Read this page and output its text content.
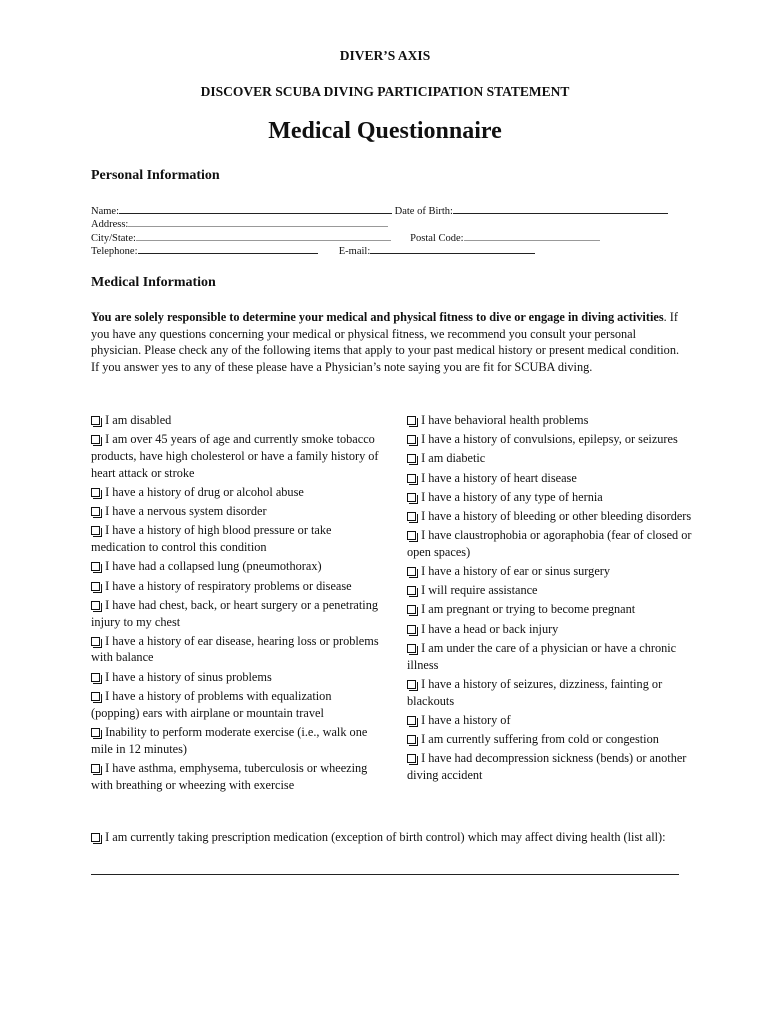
DIVER’S AXIS
DISCOVER SCUBA DIVING PARTICIPATION STATEMENT
Medical Questionnaire
Personal Information
Name:	Date of Birth:
Address:
City/State:	Postal Code:
Telephone:	E-mail:
Medical Information
You are solely responsible to determine your medical and physical fitness to dive or engage in diving activities. If you have any questions concerning your medical or physical fitness, we recommend you consult your personal physician. Please check any of the following items that apply to your past medical history or present medical condition. If you answer yes to any of these please have a Physician’s note saying you are fit for SCUBA diving.
I am disabled
I am over 45 years of age and currently smoke tobacco products, have high cholesterol or have a family history of heart attack or stroke
I have a history of drug or alcohol abuse
I have a nervous system disorder
I have a history of high blood pressure or take medication to control this condition
I have had a collapsed lung (pneumothorax)
I have a history of respiratory problems or disease
I have had chest, back, or heart surgery or a penetrating injury to my chest
I have a history of ear disease, hearing loss or problems with balance
I have a history of sinus problems
I have a history of problems with equalization (popping) ears with airplane or mountain travel
Inability to perform moderate exercise (i.e., walk one mile in 12 minutes)
I have asthma, emphysema, tuberculosis or wheezing with breathing or wheezing with exercise
I have behavioral health problems
I have a history of convulsions, epilepsy, or seizures
I am diabetic
I have a history of heart disease
I have a history of any type of hernia
I have a history of bleeding or other bleeding disorders
I have claustrophobia or agoraphobia (fear of closed or open spaces)
I have a history of ear or sinus surgery
I will require assistance
I am pregnant or trying to become pregnant
I have a head or back injury
I am under the care of a physician or have a chronic illness
I have a history of seizures, dizziness, fainting or blackouts
I have a history of
I am currently suffering from cold or congestion
I have had decompression sickness (bends) or another diving accident
I am currently taking prescription medication (exception of birth control) which may affect diving health (list all):
